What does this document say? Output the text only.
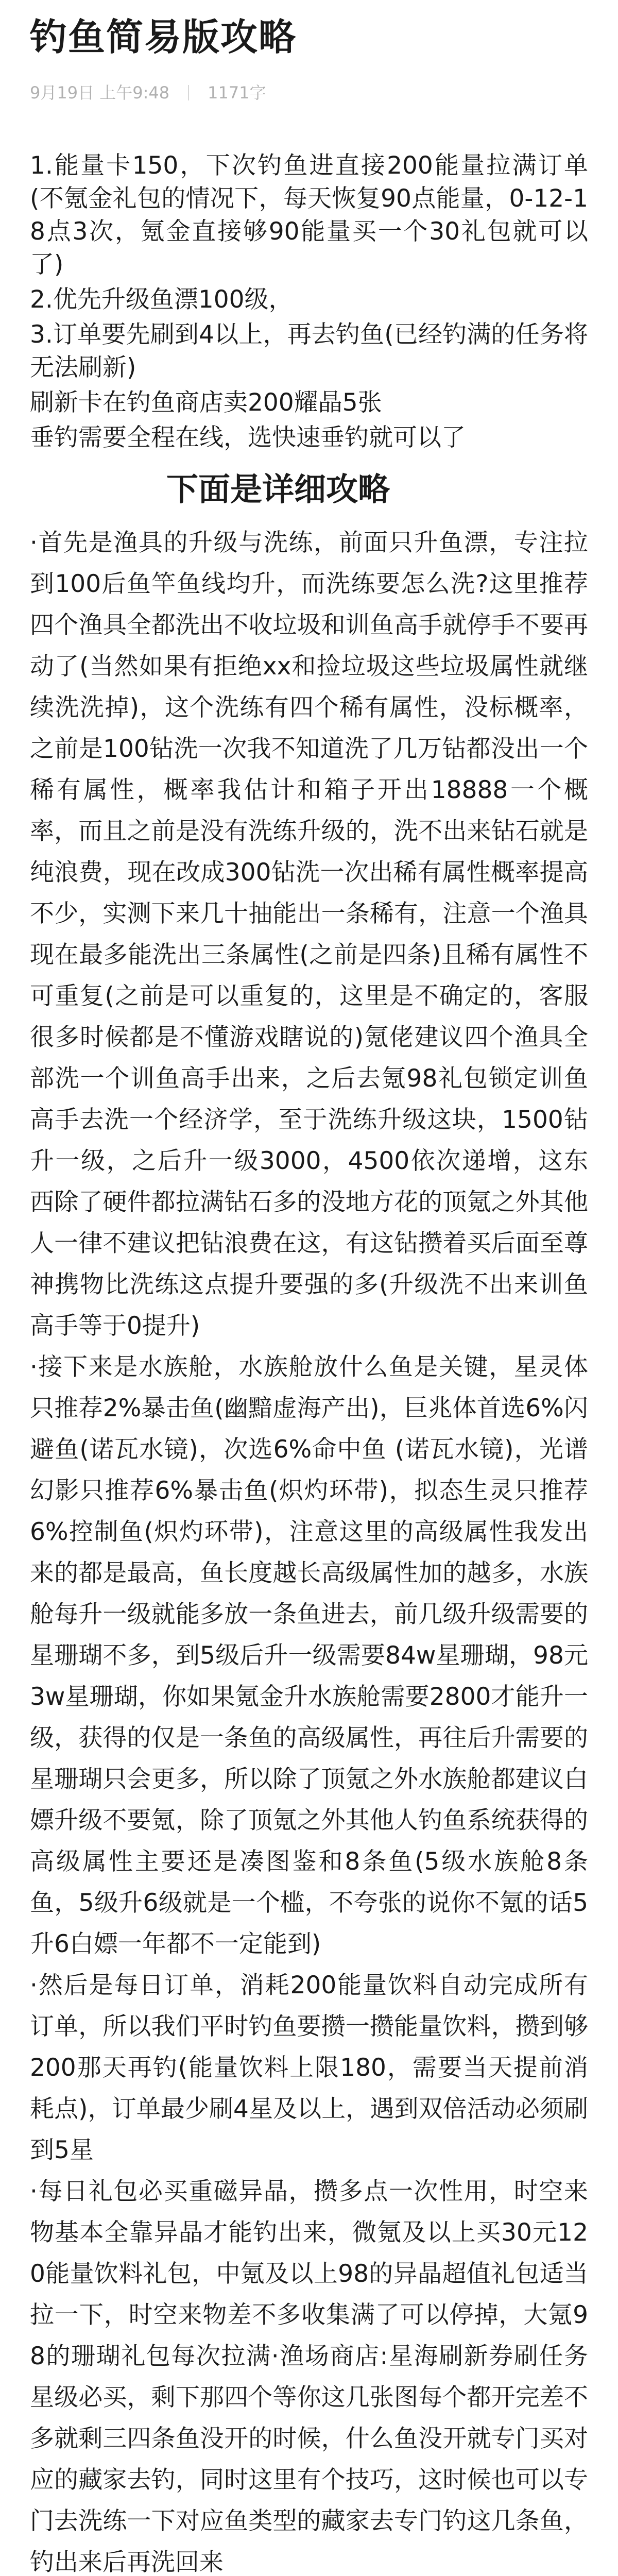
钓鱼简易版攻略
9月19日 上午9:48 1171字

1.能量卡150，下次钓鱼进直接200能量拉满订单(不氪金礼包的情况下，每天恢复90点能量，0-12-18点3次，氪金直接够90能量买一个30礼包就可以了)

2.优先升级鱼漂100级，

3.订单要先刷到4以上，再去钓鱼(已经钓满的任务将无法刷新)

刷新卡在钓鱼商店卖200耀晶5张

垂钓需要全程在线，选快速垂钓就可以了

下面是详细攻略

·首先是渔具的升级与洗练，前面只升鱼漂，专注拉到100后鱼竿鱼线均升，而洗练要怎么洗?这里推荐四个渔具全都洗出不收垃圾和训鱼高手就停手不要再动了(当然如果有拒绝xx和捡垃圾这些垃圾属性就继续洗洗掉)，这个洗练有四个稀有属性，没标概率，之前是100钻洗一次我不知道洗了几万钻都没出一个稀有属性，概率我估计和箱子开出18888一个概率，而且之前是没有洗练升级的，洗不出来钻石就是纯浪费，现在改成300钻洗一次出稀有属性概率提高不少，实测下来几十抽能出一条稀有，注意一个渔具现在最多能洗出三条属性(之前是四条)且稀有属性不可重复(之前是可以重复的，这里是不确定的，客服很多时候都是不懂游戏瞎说的)氪佬建议四个渔具全部洗一个训鱼高手出来，之后去氪98礼包锁定训鱼高手去洗一个经济学，至于洗练升级这块，1500钻升一级，之后升一级3000，4500依次递增，这东西除了硬件都拉满钻石多的没地方花的顶氪之外其他人一律不建议把钻浪费在这，有这钻攒着买后面至尊神携物比洗练这点提升要强的多(升级洗不出来训鱼高手等于0提升)

·接下来是水族舱，水族舱放什么鱼是关键，星灵体只推荐2%暴击鱼(幽黯虚海产出)，巨兆体首选6%闪避鱼(诺瓦水镜)，次选6%命中鱼 (诺瓦水镜)，光谱幻影只推荐6%暴击鱼(炽灼环带)，拟态生灵只推荐6%控制鱼(炽灼环带)，注意这里的高级属性我发出来的都是最高，鱼长度越长高级属性加的越多，水族舱每升一级就能多放一条鱼进去，前几级升级需要的星珊瑚不多，到5级后升一级需要84w星珊瑚，98元3w星珊瑚，你如果氪金升水族舱需要2800才能升一级，获得的仅是一条鱼的高级属性，再往后升需要的星珊瑚只会更多，所以除了顶氪之外水族舱都建议白嫖升级不要氪，除了顶氪之外其他人钓鱼系统获得的高级属性主要还是凑图鉴和8条鱼(5级水族舱8条鱼，5级升6级就是一个槛，不夸张的说你不氪的话5升6白嫖一年都不一定能到)

·然后是每日订单，消耗200能量饮料自动完成所有订单，所以我们平时钓鱼要攒一攒能量饮料，攒到够200那天再钓(能量饮料上限180，需要当天提前消耗点)，订单最少刷4星及以上，遇到双倍活动必须刷到5星

·每日礼包必买重磁异晶，攒多点一次性用，时空来物基本全靠异晶才能钓出来，微氪及以上买30元120能量饮料礼包，中氪及以上98的异晶超值礼包适当拉一下，时空来物差不多收集满了可以停掉，大氪98的珊瑚礼包每次拉满·渔场商店:星海刷新券刷任务星级必买，剩下那四个等你这几张图每个都开完差不多就剩三四条鱼没开的时候，什么鱼没开就专门买对应的藏家去钓，同时这里有个技巧，这时候也可以专门去洗练一下对应鱼类型的藏家去专门钓这几条鱼，钓出来后再洗回来
